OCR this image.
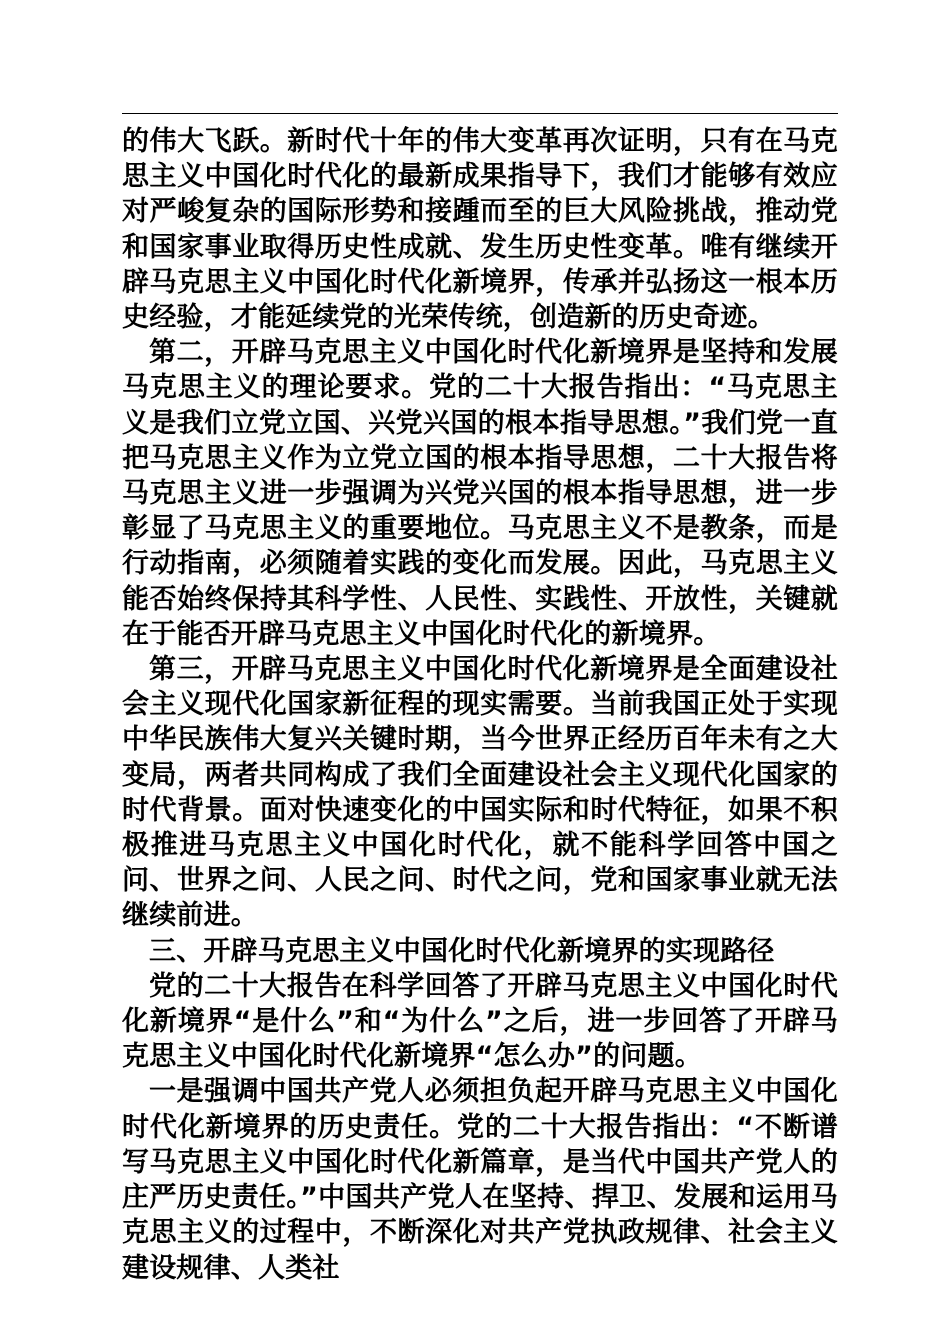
的伟大飞跃。新时代十年的伟大变革再次证明，只有在马克思主义中国化时代化的最新成果指导下，我们才能够有效应对严峻复杂的国际形势和接踵而至的巨大风险挑战，推动党和国家事业取得历史性成就、发生历史性变革。唯有继续开辟马克思主义中国化时代化新境界，传承并弘扬这一根本历史经验，才能延续党的光荣传统，创造新的历史奇迹。

第二，开辟马克思主义中国化时代化新境界是坚持和发展马克思主义的理论要求。党的二十大报告指出：“马克思主义是我们立党立国、兴党兴国的根本指导思想。”我们党一直把马克思主义作为立党立国的根本指导思想，二十大报告将马克思主义进一步强调为兴党兴国的根本指导思想，进一步彰显了马克思主义的重要地位。马克思主义不是教条，而是行动指南，必须随着实践的变化而发展。因此，马克思主义能否始终保持其科学性、人民性、实践性、开放性，关键就在于能否开辟马克思主义中国化时代化的新境界。

第三，开辟马克思主义中国化时代化新境界是全面建设社会主义现代化国家新征程的现实需要。当前我国正处于实现中华民族伟大复兴关键时期，当今世界正经历百年未有之大变局，两者共同构成了我们全面建设社会主义现代化国家的时代背景。面对快速变化的中国实际和时代特征，如果不积极推进马克思主义中国化时代化，就不能科学回答中国之问、世界之问、人民之问、时代之问，党和国家事业就无法继续前进。

三、开辟马克思主义中国化时代化新境界的实现路径

党的二十大报告在科学回答了开辟马克思主义中国化时代化新境界“是什么”和“为什么”之后，进一步回答了开辟马克思主义中国化时代化新境界“怎么办”的问题。

一是强调中国共产党人必须担负起开辟马克思主义中国化时代化新境界的历史责任。党的二十大报告指出：“不断谱写马克思主义中国化时代化新篇章，是当代中国共产党人的庄严历史责任。”中国共产党人在坚持、捍卫、发展和运用马克思主义的过程中，不断深化对共产党执政规律、社会主义建设规律、人类社
